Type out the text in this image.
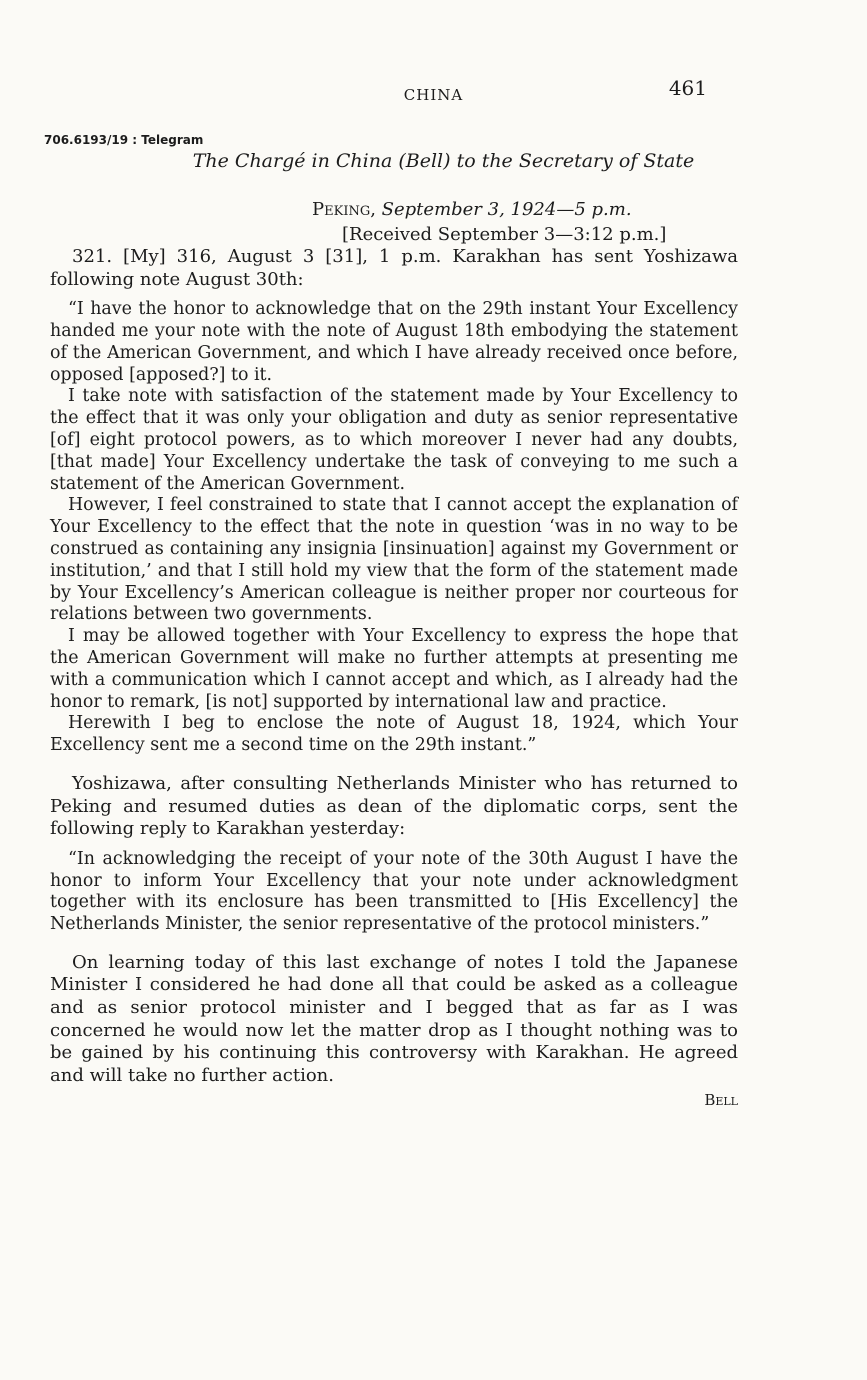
CHINA	461
706.6193/19 : Telegram
The Chargé in China (Bell) to the Secretary of State
Peking, September 3, 1924—5 p.m.
[Received September 3—3:12 p.m.]

321. [My] 316, August 3 [31], 1 p.m. Karakhan has sent Yoshizawa following note August 30th:

“I have the honor to acknowledge that on the 29th instant Your Excellency handed me your note with the note of August 18th embodying the statement of the American Government, and which I have already received once before, opposed [apposed?] to it.

I take note with satisfaction of the statement made by Your Excellency to the effect that it was only your obligation and duty as senior representative [of] eight protocol powers, as to which moreover I never had any doubts, [that made] Your Excellency undertake the task of conveying to me such a statement of the American Government.

However, I feel constrained to state that I cannot accept the explanation of Your Excellency to the effect that the note in question ‘was in no way to be construed as containing any insignia [insinuation] against my Government or institution,’ and that I still hold my view that the form of the statement made by Your Excellency’s American colleague is neither proper nor courteous for relations between two governments.

I may be allowed together with Your Excellency to express the hope that the American Government will make no further attempts at presenting me with a communication which I cannot accept and which, as I already had the honor to remark, [is not] supported by international law and practice.

Herewith I beg to enclose the note of August 18, 1924, which Your Excellency sent me a second time on the 29th instant.”

Yoshizawa, after consulting Netherlands Minister who has returned to Peking and resumed duties as dean of the diplomatic corps, sent the following reply to Karakhan yesterday:

“In acknowledging the receipt of your note of the 30th August I have the honor to inform Your Excellency that your note under acknowledgment together with its enclosure has been transmitted to [His Excellency] the Netherlands Minister, the senior representative of the protocol ministers.”

On learning today of this last exchange of notes I told the Japanese Minister I considered he had done all that could be asked as a colleague and as senior protocol minister and I begged that as far as I was concerned he would now let the matter drop as I thought nothing was to be gained by his continuing this controversy with Karakhan. He agreed and will take no further action.

Bell
